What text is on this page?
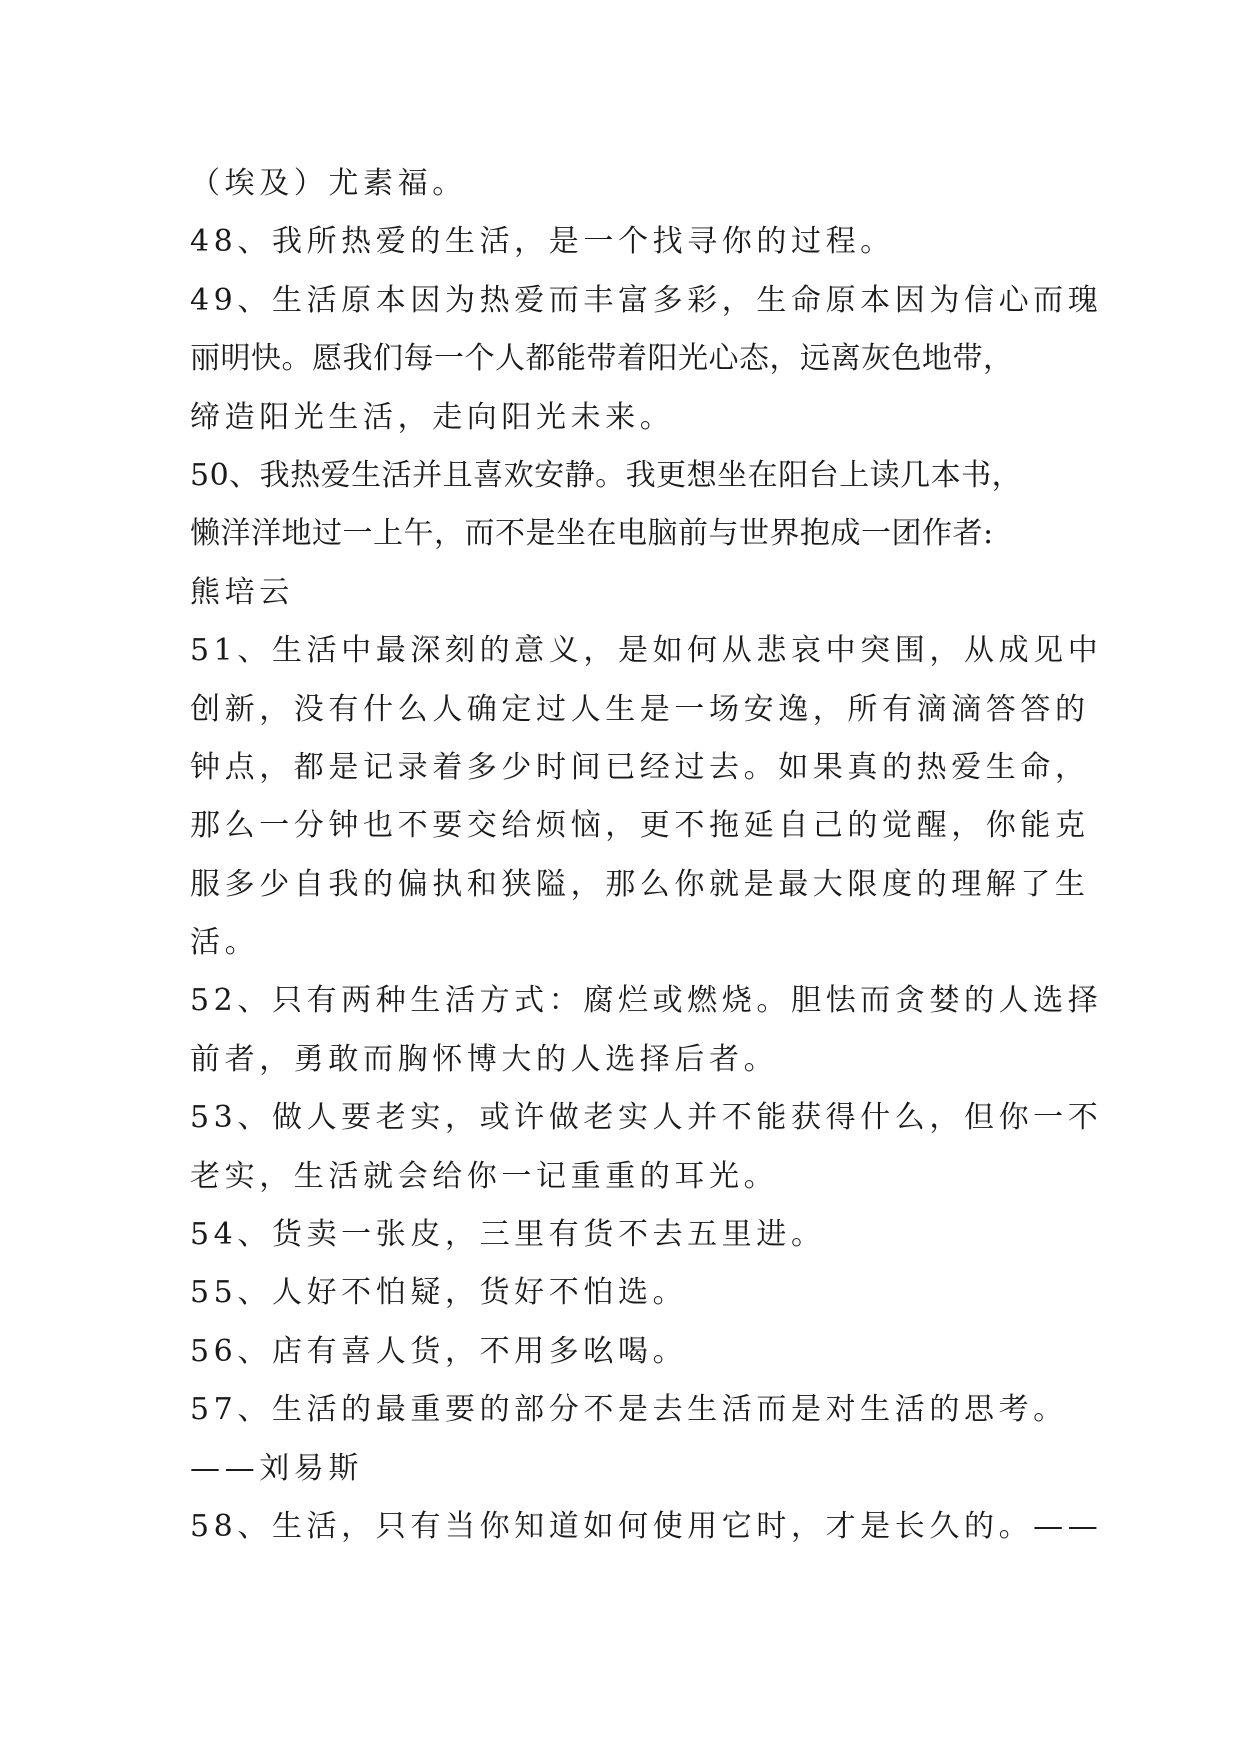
（埃及）尤素福。
48、我所热爱的生活，是一个找寻你的过程。
49、生活原本因为热爱而丰富多彩，生命原本因为信心而瑰
丽明快。愿我们每一个人都能带着阳光心态，远离灰色地带，
缔造阳光生活，走向阳光未来。
50、我热爱生活并且喜欢安静。我更想坐在阳台上读几本书，
懒洋洋地过一上午，而不是坐在电脑前与世界抱成一团作者:
熊培云
51、生活中最深刻的意义，是如何从悲哀中突围，从成见中
创新，没有什么人确定过人生是一场安逸，所有滴滴答答的
钟点，都是记录着多少时间已经过去。如果真的热爱生命，
那么一分钟也不要交给烦恼，更不拖延自己的觉醒，你能克
服多少自我的偏执和狭隘，那么你就是最大限度的理解了生
活。
52、只有两种生活方式：腐烂或燃烧。胆怯而贪婪的人选择
前者，勇敢而胸怀博大的人选择后者。
53、做人要老实，或许做老实人并不能获得什么，但你一不
老实，生活就会给你一记重重的耳光。
54、货卖一张皮，三里有货不去五里进。
55、人好不怕疑，货好不怕选。
56、店有喜人货，不用多吆喝。
57、生活的最重要的部分不是去生活而是对生活的思考。
——刘易斯
58、生活，只有当你知道如何使用它时，才是长久的。——
